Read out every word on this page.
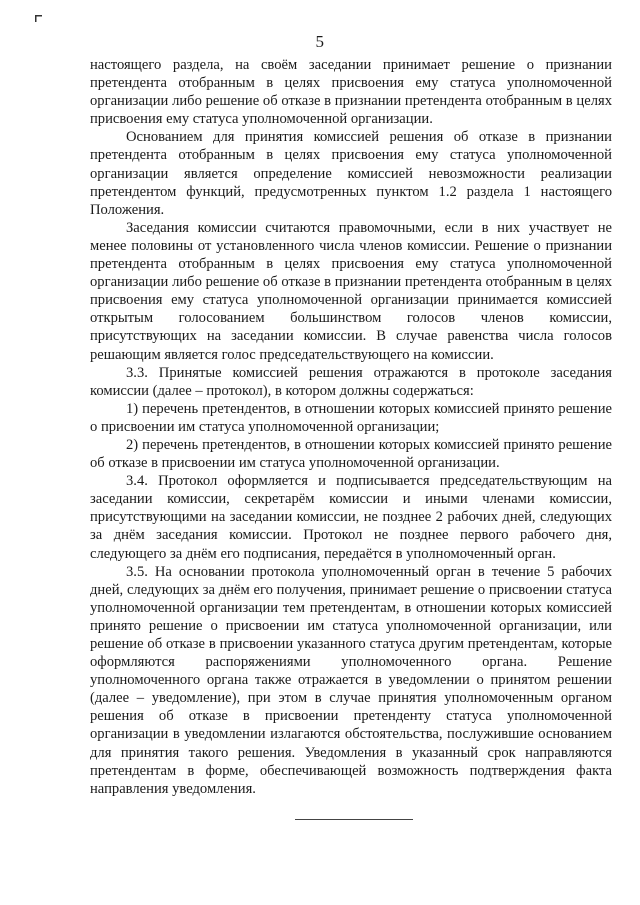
5

настоящего раздела, на своём заседании принимает решение о признании претендента отобранным в целях присвоения ему статуса уполномоченной организации либо решение об отказе в признании претендента отобранным в целях присвоения ему статуса уполномоченной организации.

Основанием для принятия комиссией решения об отказе в признании претендента отобранным в целях присвоения ему статуса уполномоченной организации является определение комиссией невозможности реализации претендентом функций, предусмотренных пунктом 1.2 раздела 1 настоящего Положения.

Заседания комиссии считаются правомочными, если в них участвует не менее половины от установленного числа членов комиссии. Решение о признании претендента отобранным в целях присвоения ему статуса уполномоченной организации либо решение об отказе в признании претендента отобранным в целях присвоения ему статуса уполномоченной организации принимается комиссией открытым голосованием большинством голосов членов комиссии, присутствующих на заседании комиссии. В случае равенства числа голосов решающим является голос председательствующего на комиссии.

3.3. Принятые комиссией решения отражаются в протоколе заседания комиссии (далее – протокол), в котором должны содержаться:

1) перечень претендентов, в отношении которых комиссией принято решение о присвоении им статуса уполномоченной организации;

2) перечень претендентов, в отношении которых комиссией принято решение об отказе в присвоении им статуса уполномоченной организации.

3.4. Протокол оформляется и подписывается председательствующим на заседании комиссии, секретарём комиссии и иными членами комиссии, присутствующими на заседании комиссии, не позднее 2 рабочих дней, следующих за днём заседания комиссии. Протокол не позднее первого рабочего дня, следующего за днём его подписания, передаётся в уполномоченный орган.

3.5. На основании протокола уполномоченный орган в течение 5 рабочих дней, следующих за днём его получения, принимает решение о присвоении статуса уполномоченной организации тем претендентам, в отношении которых комиссией принято решение о присвоении им статуса уполномоченной организации, или решение об отказе в присвоении указанного статуса другим претендентам, которые оформляются распоряжениями уполномоченного органа. Решение уполномоченного органа также отражается в уведомлении о принятом решении (далее – уведомление), при этом в случае принятия уполномоченным органом решения об отказе в присвоении претенденту статуса уполномоченной организации в уведомлении излагаются обстоятельства, послужившие основанием для принятия такого решения. Уведомления в указанный срок направляются претендентам в форме, обеспечивающей возможность подтверждения факта направления уведомления.
